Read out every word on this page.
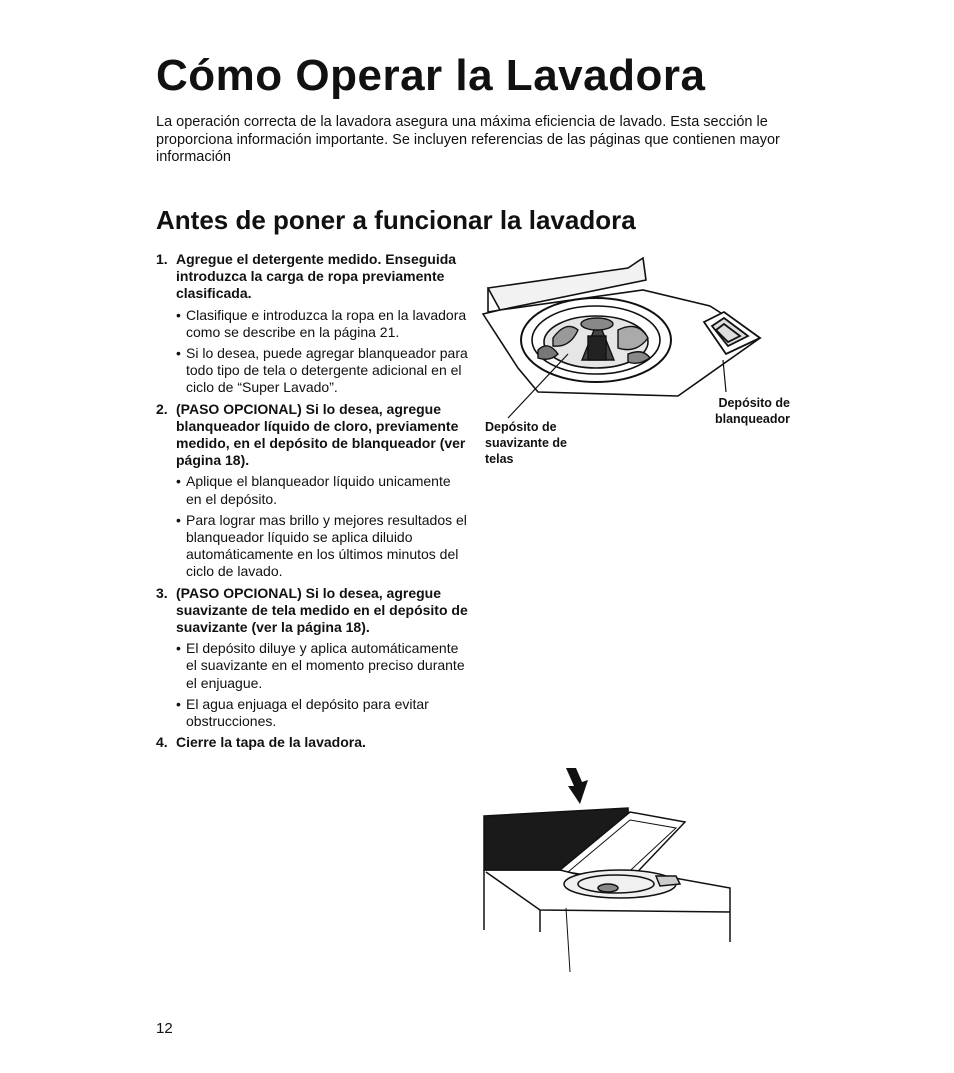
Cómo Operar la Lavadora

La operación correcta de la lavadora asegura una máxima eficiencia de lavado. Esta sección le proporciona información importante. Se incluyen referencias de las páginas que contienen mayor información

Antes de poner a funcionar la lavadora
1. Agregue el detergente medido. Enseguida introduzca la carga de ropa previamente clasificada.
• Clasifique e introduzca la ropa en la lavadora como se describe en la página 21.
• Si lo desea, puede agregar blanqueador para todo tipo de tela o detergente adicional en el ciclo de “Super Lavado”.
2. (PASO OPCIONAL) Si lo desea, agregue blanqueador líquido de cloro, previamente medido, en el depósito de blanqueador (ver página 18).
• Aplique el blanqueador líquido unicamente en el depósito.
• Para lograr mas brillo y mejores resultados el blanqueador líquido se aplica diluido automáticamente en los últimos minutos del ciclo de lavado.
3. (PASO OPCIONAL) Si lo desea, agregue suavizante de tela medido en el depósito de suavizante (ver la página 18).
• El depósito diluye y aplica automáticamente el suavizante en el momento preciso durante el enjuague.
• El agua enjuaga el depósito para evitar obstrucciones.
4. Cierre la tapa de la lavadora.
Depósito de suavizante de telas
Depósito de blanqueador
12
